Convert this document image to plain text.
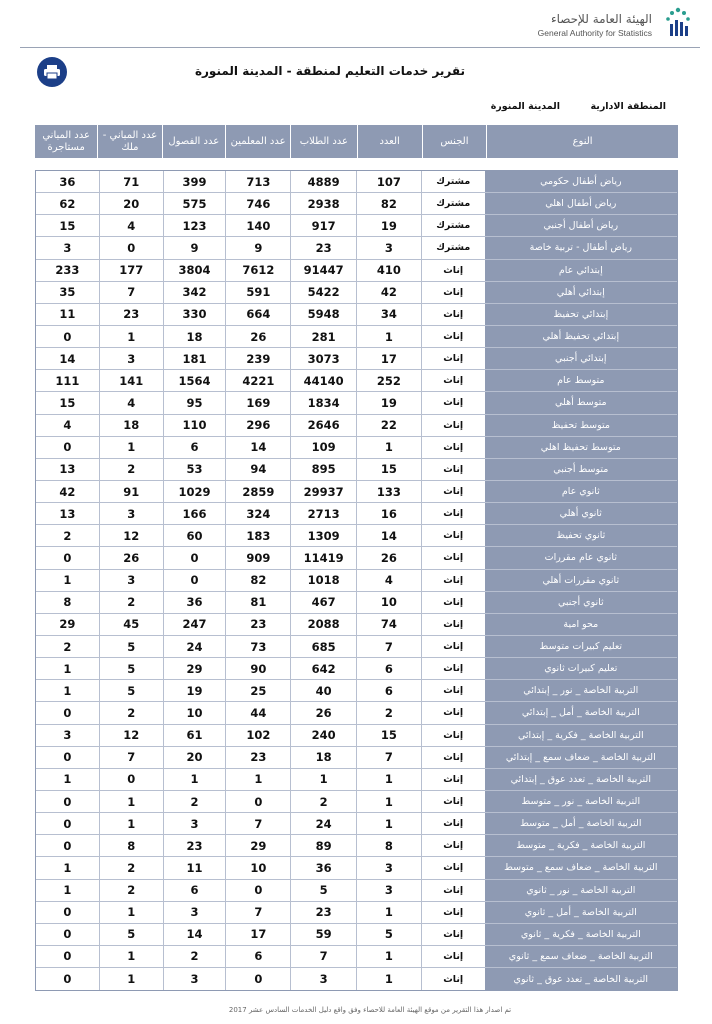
الهيئة العامة للإحصاء
General Authority for Statistics
تقرير خدمات التعليم لمنطقة - المدينة المنورة
المنطقة الادارية
المدينة المنورة
النوع
الجنس
العدد
عدد الطلاب
عدد المعلمين
عدد الفصول
عدد المباني - ملك
عدد المباني مستاجرة
رياض أطفال حكومي
مشترك
107
4889
713
399
71
36
رياض أطفال اهلي
مشترك
82
2938
746
575
20
62
رياض أطفال أجنبي
مشترك
19
917
140
123
4
15
رياض أطفال - تربية خاصة
مشترك
3
23
9
9
0
3
إبتدائي عام
إناث
410
91447
7612
3804
177
233
إبتدائي أهلي
إناث
42
5422
591
342
7
35
إبتدائي تحفيظ
إناث
34
5948
664
330
23
11
إبتدائي تحفيظ أهلي
إناث
1
281
26
18
1
0
إبتدائي أجنبي
إناث
17
3073
239
181
3
14
متوسط عام
إناث
252
44140
4221
1564
141
111
متوسط أهلي
إناث
19
1834
169
95
4
15
متوسط تحفيظ
إناث
22
2646
296
110
18
4
متوسط تحفيظ اهلي
إناث
1
109
14
6
1
0
متوسط أجنبي
إناث
15
895
94
53
2
13
ثانوي عام
إناث
133
29937
2859
1029
91
42
ثانوي أهلي
إناث
16
2713
324
166
3
13
ثانوي تحفيظ
إناث
14
1309
183
60
12
2
ثانوي عام مقررات
إناث
26
11419
909
0
26
0
ثانوي مقررات أهلي
إناث
4
1018
82
0
3
1
ثانوي أجنبي
إناث
10
467
81
36
2
8
محو امية
إناث
74
2088
23
247
45
29
تعليم كبيرات متوسط
إناث
7
685
73
24
5
2
تعليم كبيرات ثانوي
إناث
6
642
90
29
5
1
التربية الخاصة _ نور _ إبتدائي
إناث
6
40
25
19
5
1
التربية الخاصة _ أمل _ إبتدائي
إناث
2
26
44
10
2
0
التربية الخاصة _ فكرية _ إبتدائي
إناث
15
240
102
61
12
3
التربية الخاصة _ ضعاف سمع _ إبتدائي
إناث
7
18
23
20
7
0
التربية الخاصة _ تعدد عوق _ إبتدائي
إناث
1
1
1
1
0
1
التربية الخاصة _ نور _ متوسط
إناث
1
2
0
2
1
0
التربية الخاصة _ أمل _ متوسط
إناث
1
24
7
3
1
0
التربية الخاصة _ فكرية _ متوسط
إناث
8
89
29
23
8
0
التربية الخاصة _ ضعاف سمع _ متوسط
إناث
3
36
10
11
2
1
التربية الخاصة _ نور _ ثانوي
إناث
3
5
0
6
2
1
التربية الخاصة _ أمل _ ثانوي
إناث
1
23
7
3
1
0
التربية الخاصة _ فكرية _ ثانوي
إناث
5
59
17
14
5
0
التربية الخاصة _ ضعاف سمع _ ثانوي
إناث
1
7
6
2
1
0
التربية الخاصة _ تعدد عوق _ ثانوي
إناث
1
3
0
3
1
0
تم اصدار هذا التقرير من موقع الهيئة العامة للاحصاء وفق واقع دليل الخدمات السادس عشر 2017
